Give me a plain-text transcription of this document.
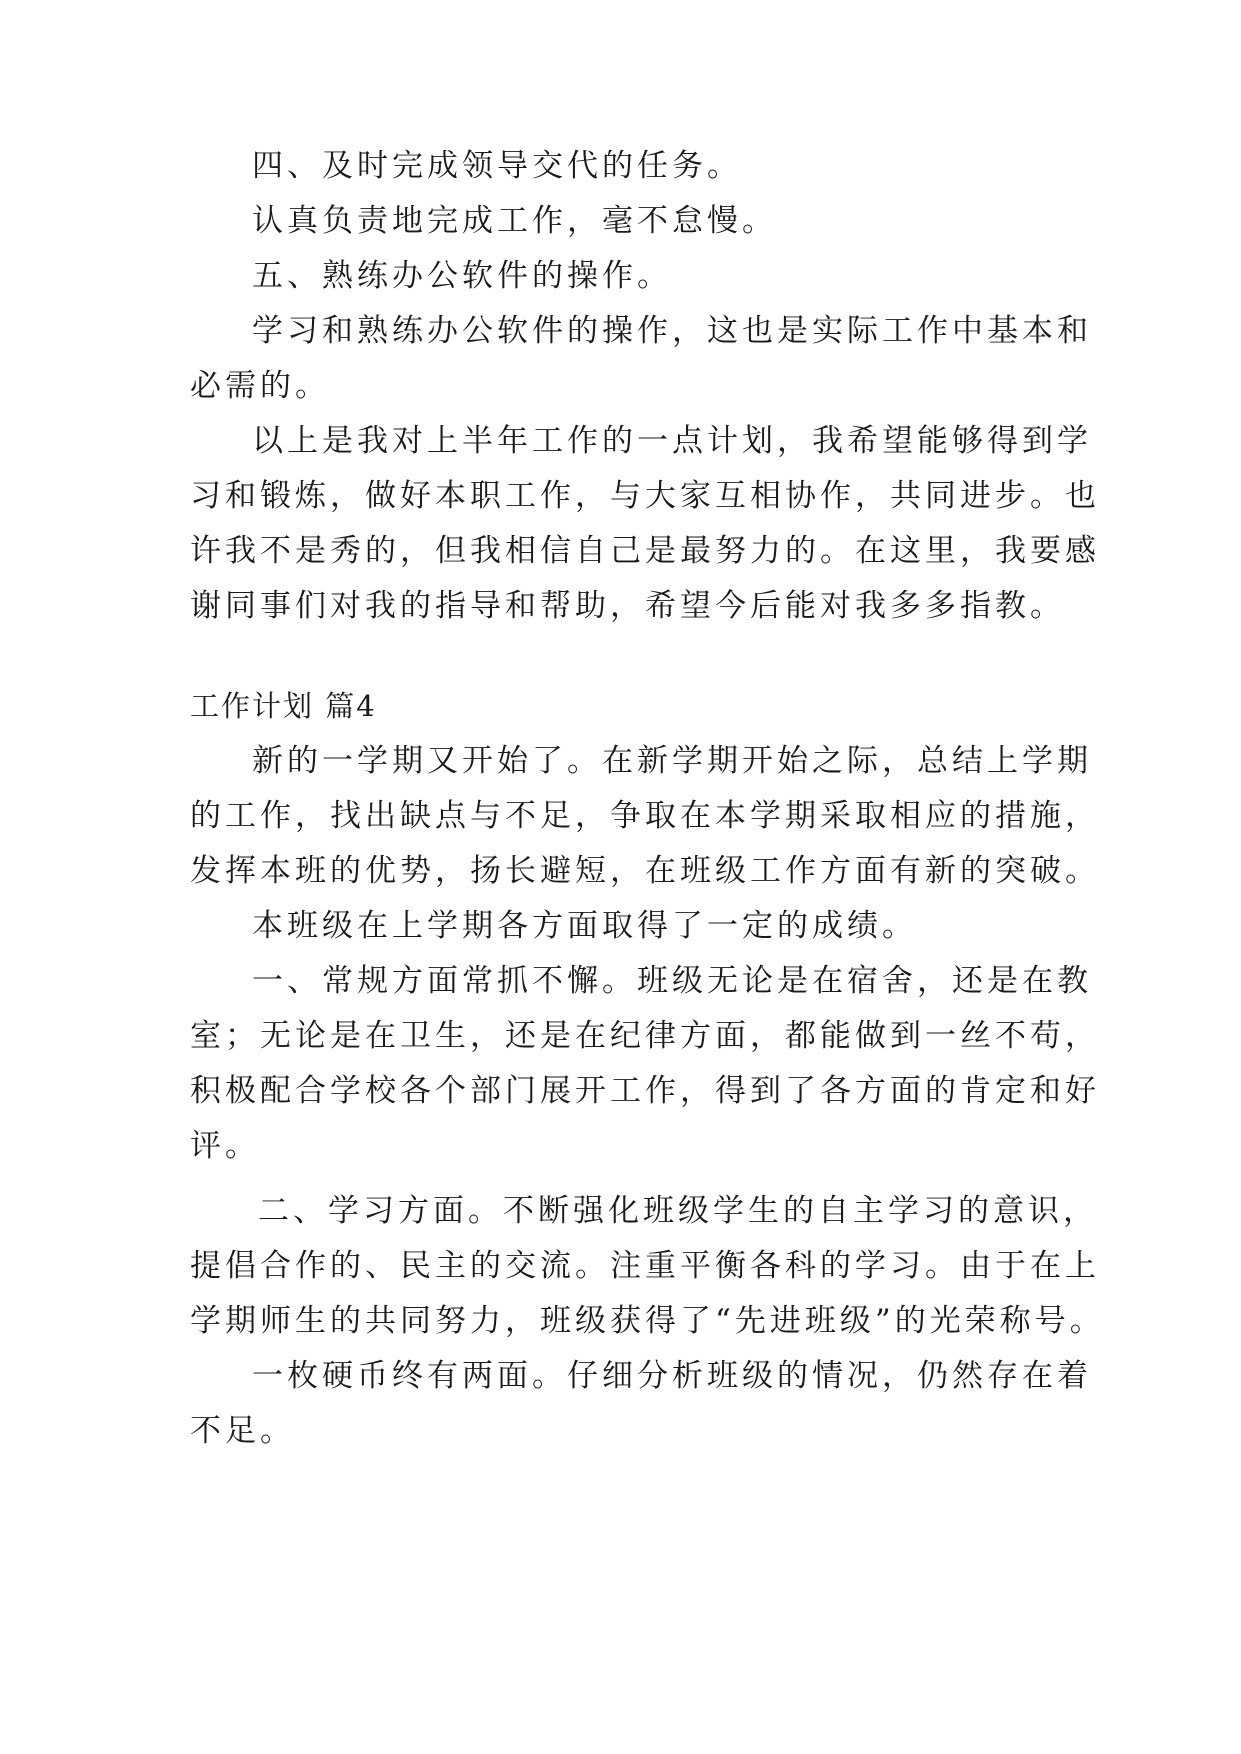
四、及时完成领导交代的任务。
认真负责地完成工作，毫不怠慢。
五、熟练办公软件的操作。
学习和熟练办公软件的操作，这也是实际工作中基本和
必需的。
以上是我对上半年工作的一点计划，我希望能够得到学
习和锻炼，做好本职工作，与大家互相协作，共同进步。也
许我不是秀的，但我相信自己是最努力的。在这里，我要感
谢同事们对我的指导和帮助，希望今后能对我多多指教。
工作计划 篇4
新的一学期又开始了。在新学期开始之际，总结上学期
的工作，找出缺点与不足，争取在本学期采取相应的措施，
发挥本班的优势，扬长避短，在班级工作方面有新的突破。
本班级在上学期各方面取得了一定的成绩。
一、常规方面常抓不懈。班级无论是在宿舍，还是在教
室；无论是在卫生，还是在纪律方面，都能做到一丝不苟，
积极配合学校各个部门展开工作，得到了各方面的肯定和好
评。
二、学习方面。不断强化班级学生的自主学习的意识，
提倡合作的、民主的交流。注重平衡各科的学习。由于在上
学期师生的共同努力，班级获得了“先进班级”的光荣称号。
一枚硬币终有两面。仔细分析班级的情况，仍然存在着
不足。
